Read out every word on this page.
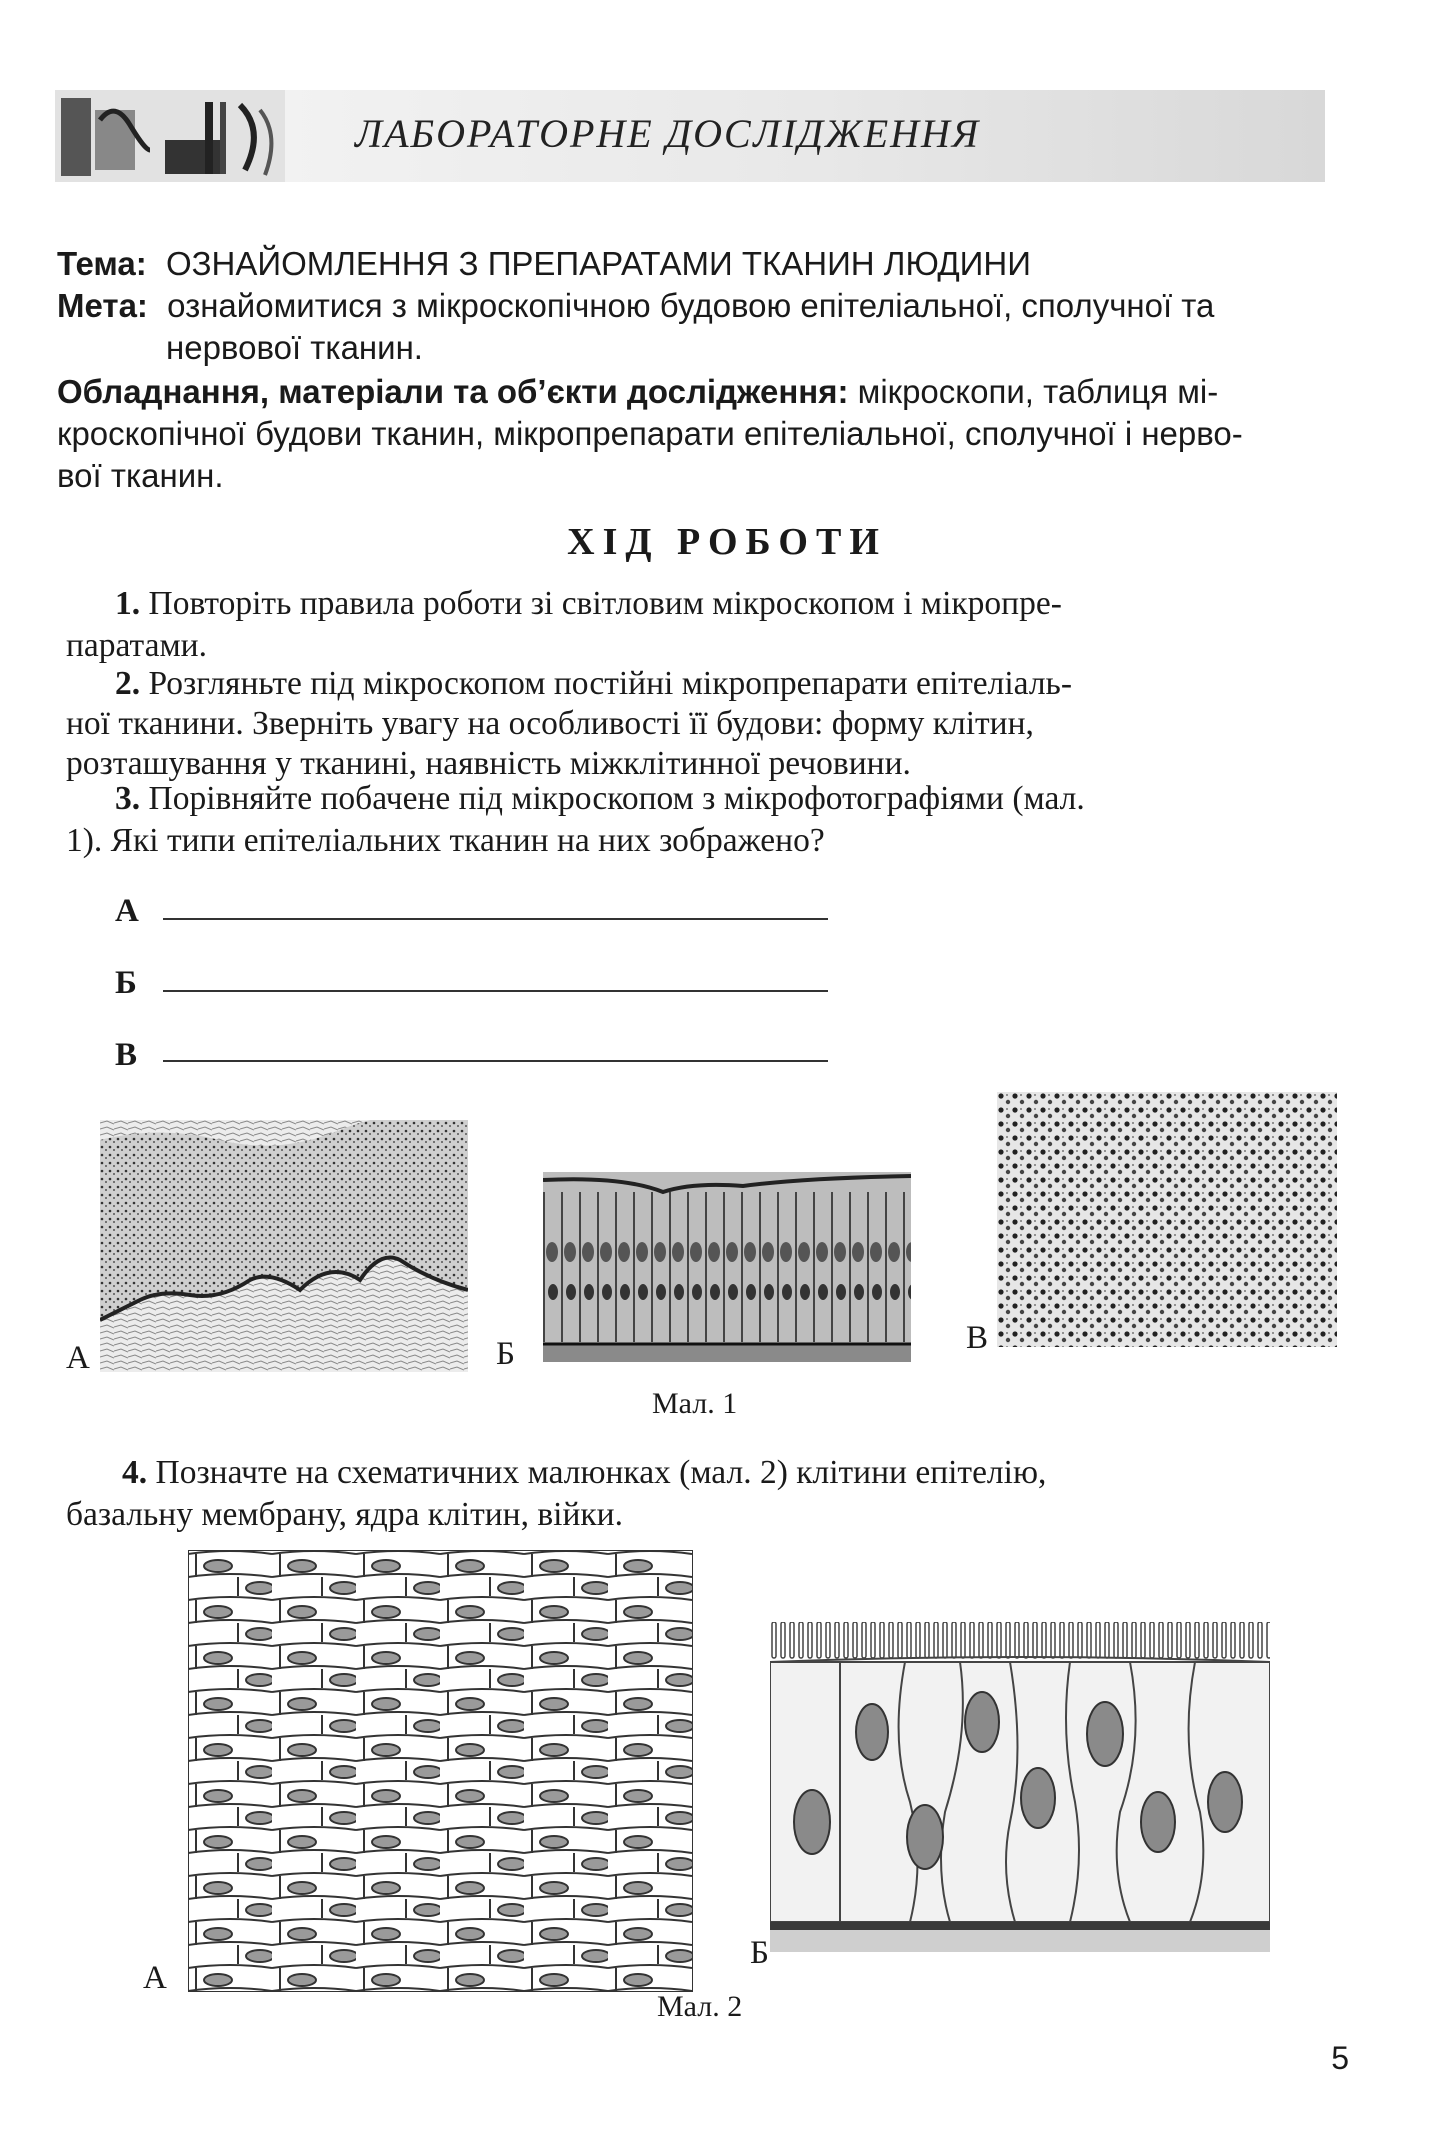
ЛАБОРАТОРНЕ ДОСЛІДЖЕННЯ
Тема: ОЗНАЙОМЛЕННЯ З ПРЕПАРАТАМИ ТКАНИН ЛЮДИНИ
Мета: ознайомитися з мікроскопічною будовою епітеліальної, сполучної та
нервової тканин.
Обладнання, матеріали та об’єкти дослідження: мікроскопи, таблиця мі-
кроскопічної будови тканин, мікропрепарати епітеліальної, сполучної і нерво-
вої тканин.
ХІД РОБОТИ
1. Повторіть правила роботи зі світловим мікроскопом і мікропре-
паратами.
2. Розгляньте під мікроскопом постійні мікропрепарати епітеліаль-
ної тканини. Зверніть увагу на особливості її будови: форму клітин,
розташування у тканині, наявність міжклітинної речовини.
3. Порівняйте побачене під мікроскопом з мікрофотографіями (мал.
1). Які типи епітеліальних тканин на них зображено?
А
Б
В
А	Б	В
Мал. 1
4. Позначте на схематичних малюнках (мал. 2) клітини епітелію,
базальну мембрану, ядра клітин, війки.
А
Б
Мал. 2
5
